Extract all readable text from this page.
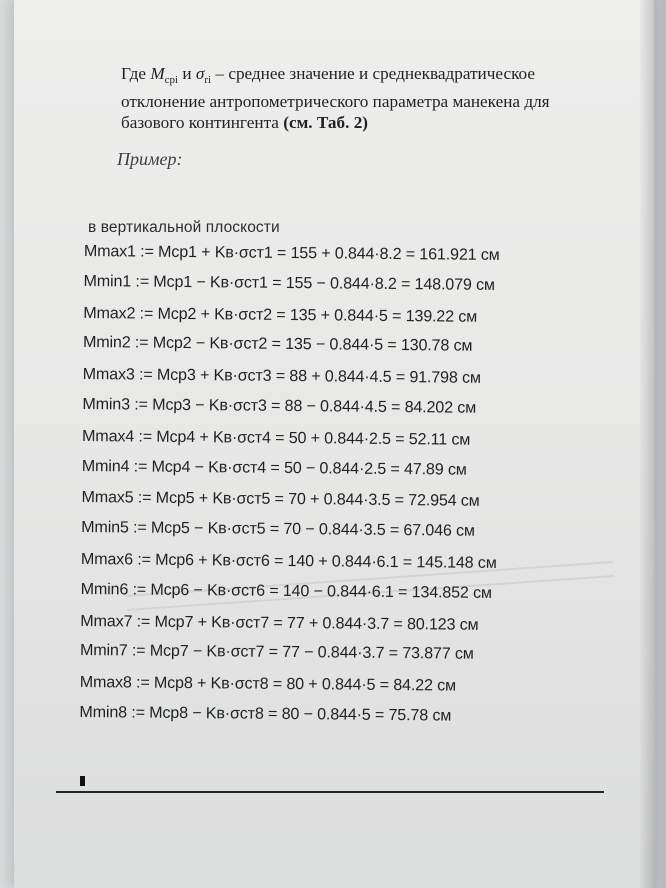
Где $M_{cpi}$ и $\sigma_{ri}$ – среднее значение и среднеквадратическое
отклонение антропометрического параметра манекена для
базового контингента (см. Таб. 2)
Пример:
в вертикальной плоскости
Mmax1 := Mcp1 + Kв·σст1 = 155 + 0.844·8.2 = 161.921 см
Mmin1 := Mcp1 − Kв·σст1 = 155 − 0.844·8.2 = 148.079 см
Mmax2 := Mcp2 + Kв·σст2 = 135 + 0.844·5 = 139.22 см
Mmin2 := Mcp2 − Kв·σст2 = 135 − 0.844·5 = 130.78 см
Mmax3 := Mcp3 + Kв·σст3 = 88 + 0.844·4.5 = 91.798 см
Mmin3 := Mcp3 − Kв·σст3 = 88 − 0.844·4.5 = 84.202 см
Mmax4 := Mcp4 + Kв·σст4 = 50 + 0.844·2.5 = 52.11 см
Mmin4 := Mcp4 − Kв·σст4 = 50 − 0.844·2.5 = 47.89 см
Mmax5 := Mcp5 + Kв·σст5 = 70 + 0.844·3.5 = 72.954 см
Mmin5 := Mcp5 − Kв·σст5 = 70 − 0.844·3.5 = 67.046 см
Mmax6 := Mcp6 + Kв·σст6 = 140 + 0.844·6.1 = 145.148 см
Mmin6 := Mcp6 − Kв·σст6 = 140 − 0.844·6.1 = 134.852 см
Mmax7 := Mcp7 + Kв·σст7 = 77 + 0.844·3.7 = 80.123 см
Mmin7 := Mcp7 − Kв·σст7 = 77 − 0.844·3.7 = 73.877 см
Mmax8 := Mcp8 + Kв·σст8 = 80 + 0.844·5 = 84.22 см
Mmin8 := Mcp8 − Kв·σст8 = 80 − 0.844·5 = 75.78 см
